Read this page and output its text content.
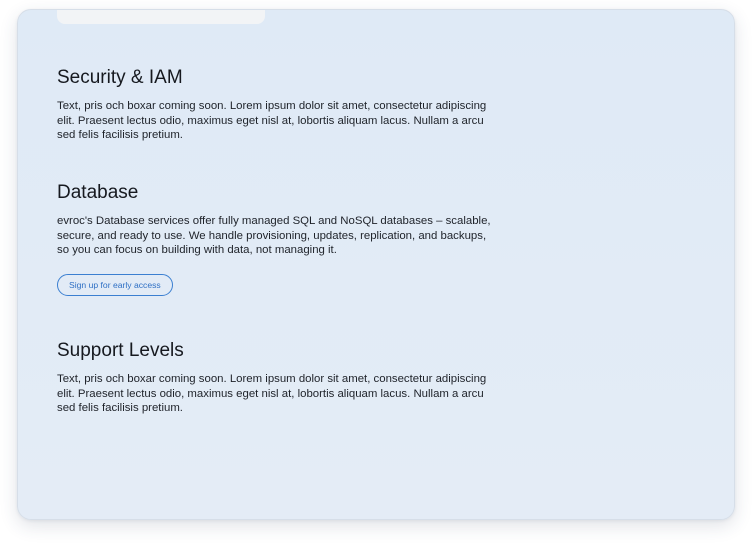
Security & IAM

Text, pris och boxar coming soon. Lorem ipsum dolor sit amet, consectetur adipiscing elit. Praesent lectus odio, maximus eget nisl at, lobortis aliquam lacus. Nullam a arcu sed felis facilisis pretium.

Database

evroc's Database services offer fully managed SQL and NoSQL databases – scalable, secure, and ready to use. We handle provisioning, updates, replication, and backups, so you can focus on building with data, not managing it.

Sign up for early access
Support Levels

Text, pris och boxar coming soon. Lorem ipsum dolor sit amet, consectetur adipiscing elit. Praesent lectus odio, maximus eget nisl at, lobortis aliquam lacus. Nullam a arcu sed felis facilisis pretium.
